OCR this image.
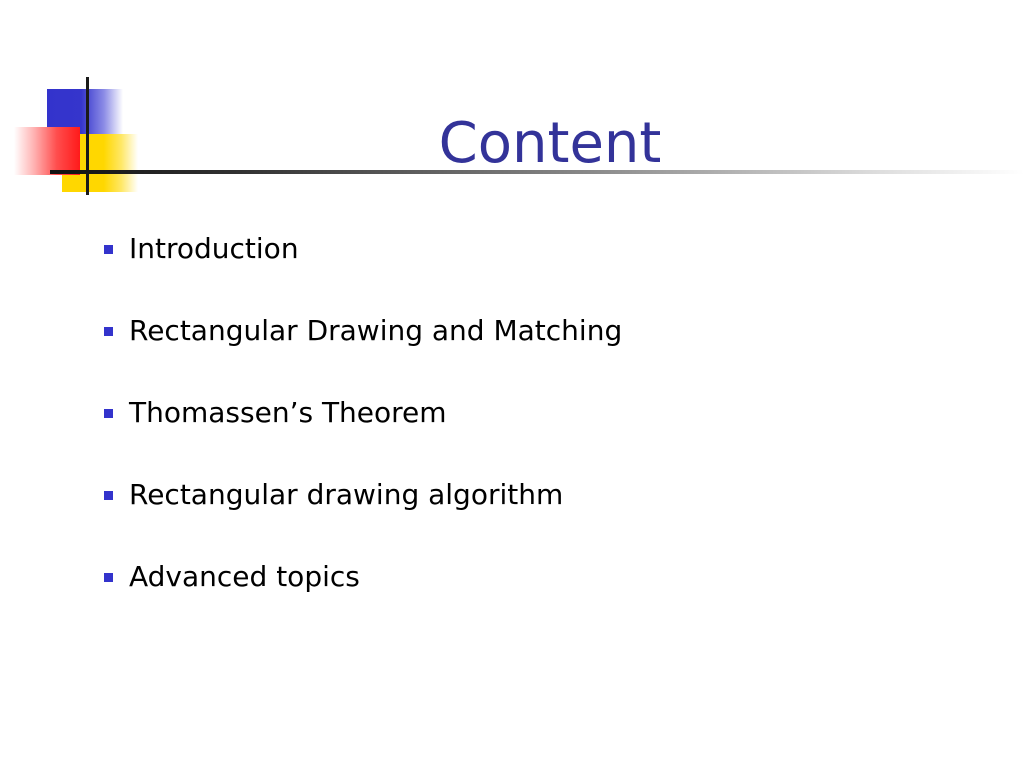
Content
Introduction
Rectangular Drawing and Matching
Thomassen’s Theorem
Rectangular drawing algorithm
Advanced topics
